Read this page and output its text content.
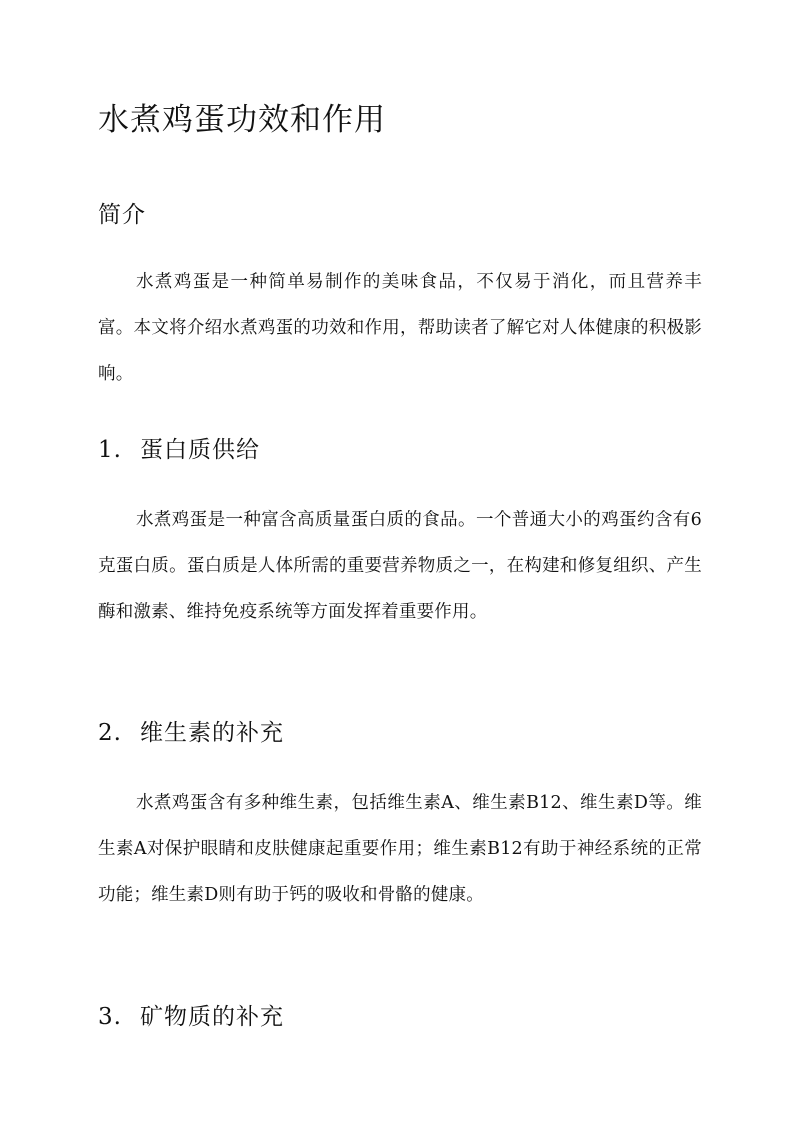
水煮鸡蛋功效和作用
简介

水煮鸡蛋是一种简单易制作的美味食品，不仅易于消化，而且营养丰富。本文将介绍水煮鸡蛋的功效和作用，帮助读者了解它对人体健康的积极影响。

1. 蛋白质供给

水煮鸡蛋是一种富含高质量蛋白质的食品。一个普通大小的鸡蛋约含有6克蛋白质。蛋白质是人体所需的重要营养物质之一，在构建和修复组织、产生酶和激素、维持免疫系统等方面发挥着重要作用。

2. 维生素的补充

水煮鸡蛋含有多种维生素，包括维生素A、维生素B12、维生素D等。维生素A对保护眼睛和皮肤健康起重要作用；维生素B12有助于神经系统的正常功能；维生素D则有助于钙的吸收和骨骼的健康。

3. 矿物质的补充
